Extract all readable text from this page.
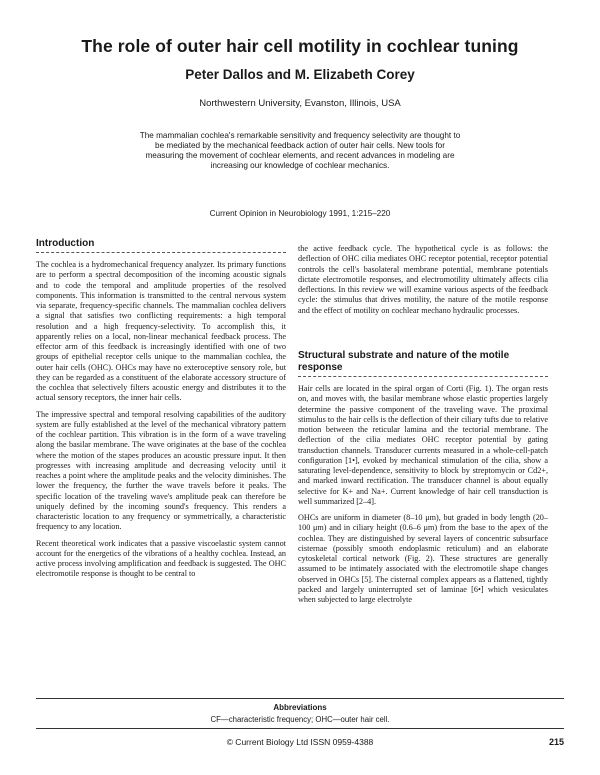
The role of outer hair cell motility in cochlear tuning
Peter Dallos and M. Elizabeth Corey
Northwestern University, Evanston, Illinois, USA
The mammalian cochlea's remarkable sensitivity and frequency selectivity are thought to be mediated by the mechanical feedback action of outer hair cells. New tools for measuring the movement of cochlear elements, and recent advances in modeling are increasing our knowledge of cochlear mechanics.
Current Opinion in Neurobiology 1991, 1:215–220
Introduction

The cochlea is a hydromechanical frequency analyzer. Its primary functions are to perform a spectral decomposition of the incoming acoustic signals and to code the temporal and amplitude properties of the resolved components. This information is transmitted to the central nervous system via separate, frequency-specific channels. The mammalian cochlea delivers a signal that satisfies two conflicting requirements: a high temporal resolution and a high frequency-selectivity. To accomplish this, it apparently relies on a local, non-linear mechanical feedback process. The effector arm of this feedback is increasingly identified with one of two groups of epithelial receptor cells unique to the mammalian cochlea, the outer hair cells (OHC). OHCs may have no exteroceptive sensory role, but they can be regarded as a constituent of the elaborate accessory structure of the cochlea that selectively filters acoustic energy and distributes it to the actual sensory receptors, the inner hair cells.

The impressive spectral and temporal resolving capabilities of the auditory system are fully established at the level of the mechanical vibratory pattern of the cochlear partition. This vibration is in the form of a wave traveling along the basilar membrane. The wave originates at the base of the cochlea where the motion of the stapes produces an acoustic pressure input. It then progresses with increasing amplitude and decreasing velocity until it reaches a point where the amplitude peaks and the velocity diminishes. The lower the frequency, the further the wave travels before it peaks. The specific location of the traveling wave's amplitude peak can therefore be uniquely defined by the incoming sound's frequency. This renders a characteristic location to any frequency or symmetrically, a characteristic frequency to any location.

Recent theoretical work indicates that a passive viscoelastic system cannot account for the energetics of the vibrations of a healthy cochlea. Instead, an active process involving amplification and feedback is suggested. The OHC electromotile response is thought to be central to

the active feedback cycle. The hypothetical cycle is as follows: the deflection of OHC cilia mediates OHC receptor potential, receptor potential controls the cell's basolateral membrane potential, membrane potentials dictate electromotile responses, and electromotility ultimately affects cilia deflections. In this review we will examine various aspects of the feedback cycle: the stimulus that drives motility, the nature of the motile response and the effect of motility on cochlear mechano hydraulic processes.

Structural substrate and nature of the motile response

Hair cells are located in the spiral organ of Corti (Fig. 1). The organ rests on, and moves with, the basilar membrane whose elastic properties largely determine the passive component of the traveling wave. The proximal stimulus to the hair cells is the deflection of their ciliary tufts due to relative motion between the reticular lamina and the tectorial membrane. The deflection of the cilia mediates OHC receptor potential by gating transduction channels. Transducer currents measured in a whole-cell-patch configuration [1•], evoked by mechanical stimulation of the cilia, show a saturating level-dependence, sensitivity to block by streptomycin or Cd2+, and marked inward rectification. The transducer channel is about equally selective for K+ and Na+. Current knowledge of hair cell transduction is well summarized [2–4].

OHCs are uniform in diameter (8–10 μm), but graded in body length (20–100 μm) and in ciliary height (0.6–6 μm) from the base to the apex of the cochlea. They are distinguished by several layers of concentric subsurface cisternae (possibly smooth endoplasmic reticulum) and an elaborate cytoskeletal cortical network (Fig. 2). These structures are generally assumed to be intimately associated with the electromotile shape changes observed in OHCs [5]. The cisternal complex appears as a flattened, tightly packed and largely uninterrupted set of laminae [6•] which vesiculates when subjected to large electrolyte

Abbreviations
CF—characteristic frequency; OHC—outer hair cell.
© Current Biology Ltd ISSN 0959-4388	215
